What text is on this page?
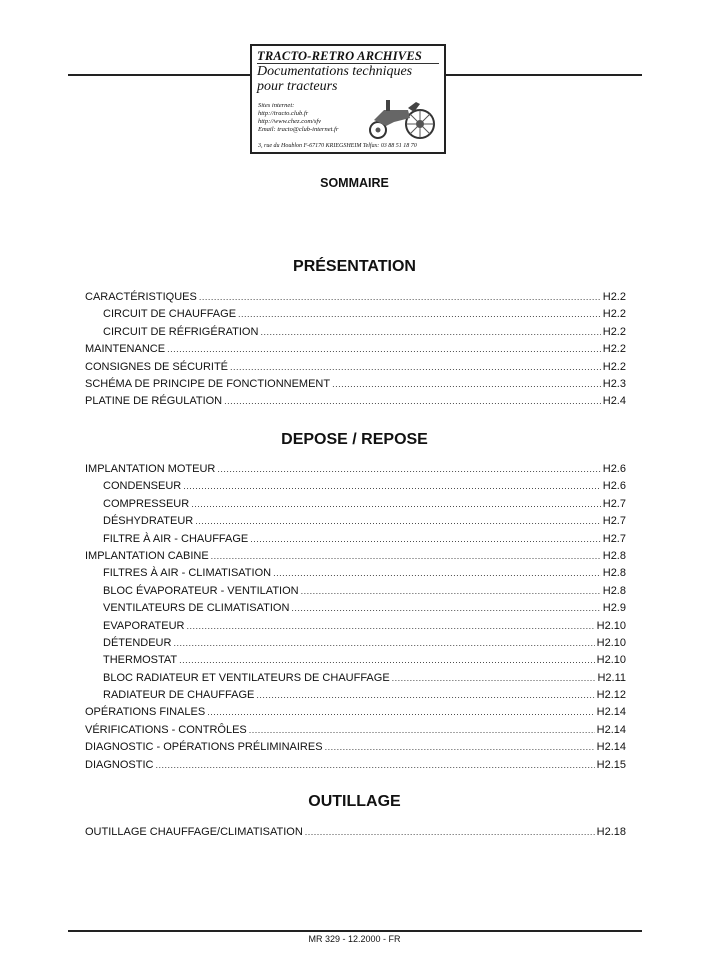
TRACTO-RETRO ARCHIVES
Documentations techniques
pour tracteurs
Sites internet:
http://tracto.club.fr
http://www.chez.com/sfv
Email: tracto@club-internet.fr
3, rue du Houblon F-67170 KRIEGSHEIM Telfax: 03 88 51 18 70
SOMMAIRE
PRÉSENTATION
CARACTÉRISTIQUES .....	H2.2
CIRCUIT DE CHAUFFAGE .....	H2.2
CIRCUIT DE RÉFRIGÉRATION .....	H2.2
MAINTENANCE .....	H2.2
CONSIGNES DE SÉCURITÉ .....	H2.2
SCHÉMA DE PRINCIPE DE FONCTIONNEMENT .....	H2.3
PLATINE DE RÉGULATION .....	H2.4
DEPOSE / REPOSE
IMPLANTATION MOTEUR .....	H2.6
CONDENSEUR .....	H2.6
COMPRESSEUR .....	H2.7
DÉSHYDRATEUR .....	H2.7
FILTRE À AIR - CHAUFFAGE .....	H2.7
IMPLANTATION CABINE .....	H2.8
FILTRES À AIR - CLIMATISATION .....	H2.8
BLOC ÉVAPORATEUR - VENTILATION .....	H2.8
VENTILATEURS DE CLIMATISATION .....	H2.9
EVAPORATEUR .....	H2.10
DÉTENDEUR .....	H2.10
THERMOSTAT .....	H2.10
BLOC RADIATEUR ET VENTILATEURS DE CHAUFFAGE .....	H2.11
RADIATEUR DE CHAUFFAGE .....	H2.12
OPÉRATIONS FINALES .....	H2.14
VÉRIFICATIONS - CONTRÔLES .....	H2.14
DIAGNOSTIC - OPÉRATIONS PRÉLIMINAIRES .....	H2.14
DIAGNOSTIC .....	H2.15
OUTILLAGE
OUTILLAGE CHAUFFAGE/CLIMATISATION .....	H2.18
MR 329 - 12.2000 - FR
